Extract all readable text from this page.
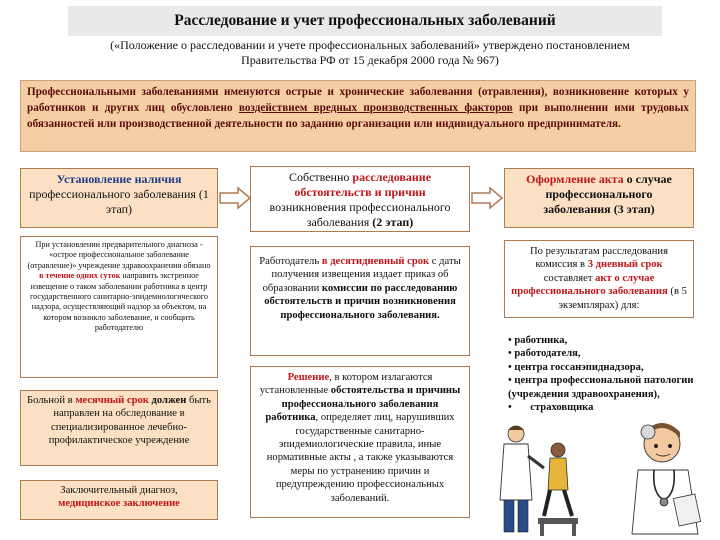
Расследование и учет профессиональных заболеваний
(«Положение о расследовании и учете профессиональных заболеваний» утверждено постановлением Правительства РФ от 15 декабря 2000 года № 967)
Профессиональными заболеваниями именуются острые и хронические заболевания (отравления), возникновение которых у работников и других лиц обусловлено воздействием вредных производственных факторов при выполнении ими трудовых обязанностей или производственной деятельности по заданию организации или индивидуального предпринимателя.
Установление наличия
профессионального заболевания (1 этап)
Собственно расследование обстоятельств и причин возникновения профессионального заболевания (2 этап)
Оформление акта о случае профессионального заболевания (3 этап)
При установлении предварительного диагноза - «острое профессиональное заболевание (отравление)» учреждение здравоохранения обязано в течение одних суток направить экстренное извещение о таком заболевании работника в центр государственного санитарно-эпидемиологического надзора, осуществляющий надзор за объектом, на котором возникло заболевание, и сообщить работодателю
Больной в месячный срок должен быть направлен на обследование в специализированное лечебно-профилактическое учреждение
Заключительный диагноз,
медицинское заключение
Работодатель в десятидневный срок с даты получения извещения издает приказ об образовании комиссии по расследованию обстоятельств и причин возникновения профессионального заболевания.
Решение, в котором излагаются установленные обстоятельства и причины профессионального заболевания работника, определяет лиц, нарушивших государственные санитарно-эпидемиологические правила, иные нормативные акты , а также указываются меры по устранению причин и предупреждению профессиональных заболеваний.
По результатам расследования комиссия в 3 дневный срок составляет акт о случае профессионального заболевания (в 5 экземплярах) для:
• работника,
• работодателя,
• центра госсанэпиднадзора,
• центра профессиональной патологии (учреждения здравоохранения),
• страховщика
